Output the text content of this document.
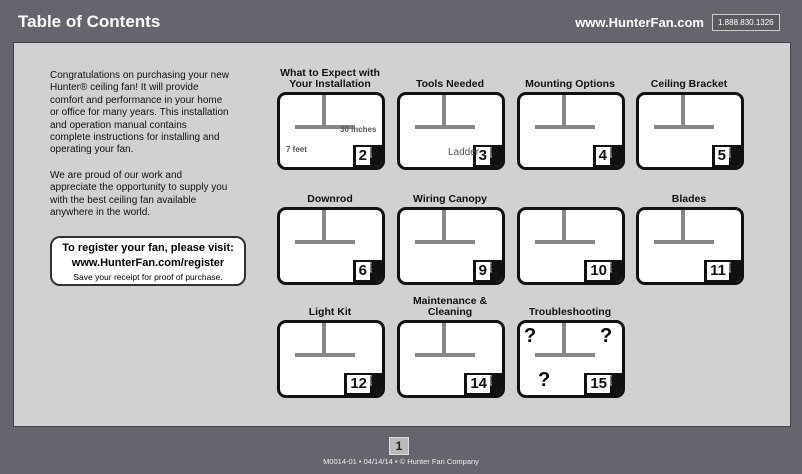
Table of Contents	www.HunterFan.com	1.888.830.1326

Congratulations on purchasing your new Hunter® ceiling fan! It will provide comfort and performance in your home or office for many years. This installation and operation manual contains complete instructions for installing and operating your fan.

We are proud of our work and appreciate the opportunity to supply you with the best ceiling fan available anywhere in the world.

To register your fan, please visit:
www.HunterFan.com/register
Save your receipt for proof of purchase.
What to Expect with Your Installation
2 PAGE
30 inches
7 feet
Tools Needed
3 PAGE
Ladder
Mounting Options
4 PAGE
Ceiling Bracket
5 PAGE
Downrod
6 PAGE
Wiring Canopy
9 PAGE	10 PAGE
Blades
11 PAGE
Light Kit
12 PAGE
Maintenance & Cleaning
14 PAGE
Troubleshooting
15 PAGE
?	?
?
1
M0014-01 • 04/14/14 • © Hunter Fan Company
